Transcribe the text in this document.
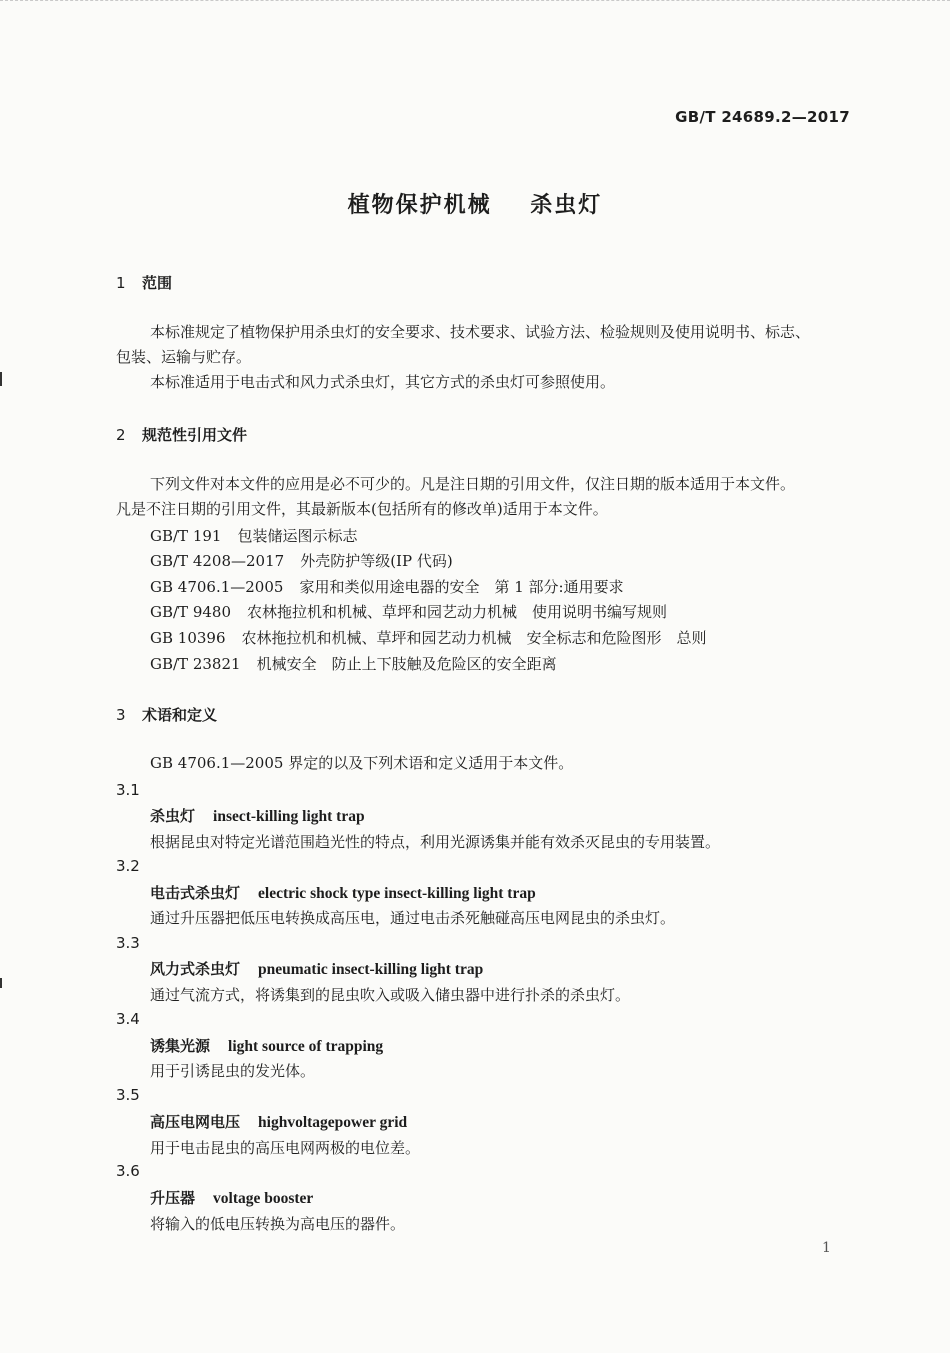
GB/T 24689.2—2017
植物保护机械    杀虫灯
1 范围
本标准规定了植物保护用杀虫灯的安全要求、技术要求、试验方法、检验规则及使用说明书、标志、
包装、运输与贮存。
本标准适用于电击式和风力式杀虫灯，其它方式的杀虫灯可参照使用。
2 规范性引用文件
下列文件对本文件的应用是必不可少的。凡是注日期的引用文件，仅注日期的版本适用于本文件。
凡是不注日期的引用文件，其最新版本(包括所有的修改单)适用于本文件。
GB/T 191 包装储运图示标志
GB/T 4208—2017 外壳防护等级(IP 代码)
GB 4706.1—2005 家用和类似用途电器的安全　第 1 部分:通用要求
GB/T 9480 农林拖拉机和机械、草坪和园艺动力机械　使用说明书编写规则
GB 10396 农林拖拉机和机械、草坪和园艺动力机械　安全标志和危险图形　总则
GB/T 23821 机械安全　防止上下肢触及危险区的安全距离
3 术语和定义
GB 4706.1—2005 界定的以及下列术语和定义适用于本文件。
3.1
杀虫灯 insect-killing light trap
根据昆虫对特定光谱范围趋光性的特点，利用光源诱集并能有效杀灭昆虫的专用装置。
3.2
电击式杀虫灯 electric shock type insect-killing light trap
通过升压器把低压电转换成高压电，通过电击杀死触碰高压电网昆虫的杀虫灯。
3.3
风力式杀虫灯 pneumatic insect-killing light trap
通过气流方式，将诱集到的昆虫吹入或吸入储虫器中进行扑杀的杀虫灯。
3.4
诱集光源 light source of trapping
用于引诱昆虫的发光体。
3.5
高压电网电压 highvoltagepower grid
用于电击昆虫的高压电网两极的电位差。
3.6
升压器 voltage booster
将输入的低电压转换为高电压的器件。
1
